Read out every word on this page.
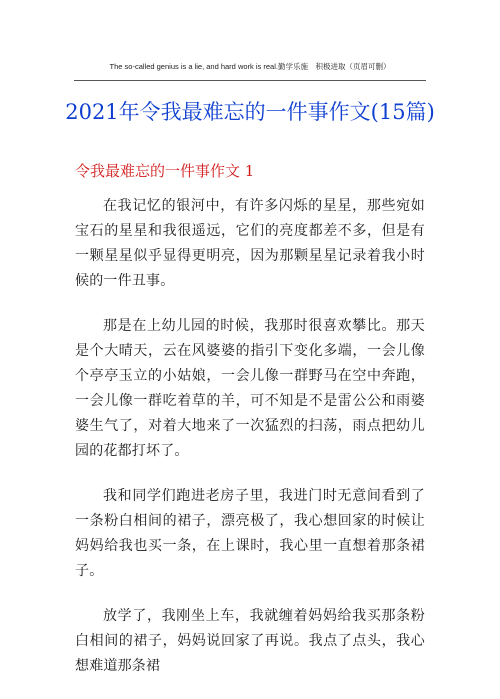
The so-called genius is a lie, and hard work is real.勤学乐施　积极进取（页眉可删）
2021年令我最难忘的一件事作文(15篇)
令我最难忘的一件事作文 1

在我记忆的银河中，有许多闪烁的星星，那些宛如宝石的星星和我很遥远，它们的亮度都差不多，但是有一颗星星似乎显得更明亮，因为那颗星星记录着我小时候的一件丑事。

那是在上幼儿园的时候，我那时很喜欢攀比。那天是个大晴天，云在风婆婆的指引下变化多端，一会儿像个亭亭玉立的小姑娘，一会儿像一群野马在空中奔跑，一会儿像一群吃着草的羊，可不知是不是雷公公和雨婆婆生气了，对着大地来了一次猛烈的扫荡，雨点把幼儿园的花都打坏了。

我和同学们跑进老房子里，我进门时无意间看到了一条粉白相间的裙子，漂亮极了，我心想回家的时候让妈妈给我也买一条，在上课时，我心里一直想着那条裙子。

放学了，我刚坐上车，我就缠着妈妈给我买那条粉白相间的裙子，妈妈说回家了再说。我点了点头，我心想难道那条裙
